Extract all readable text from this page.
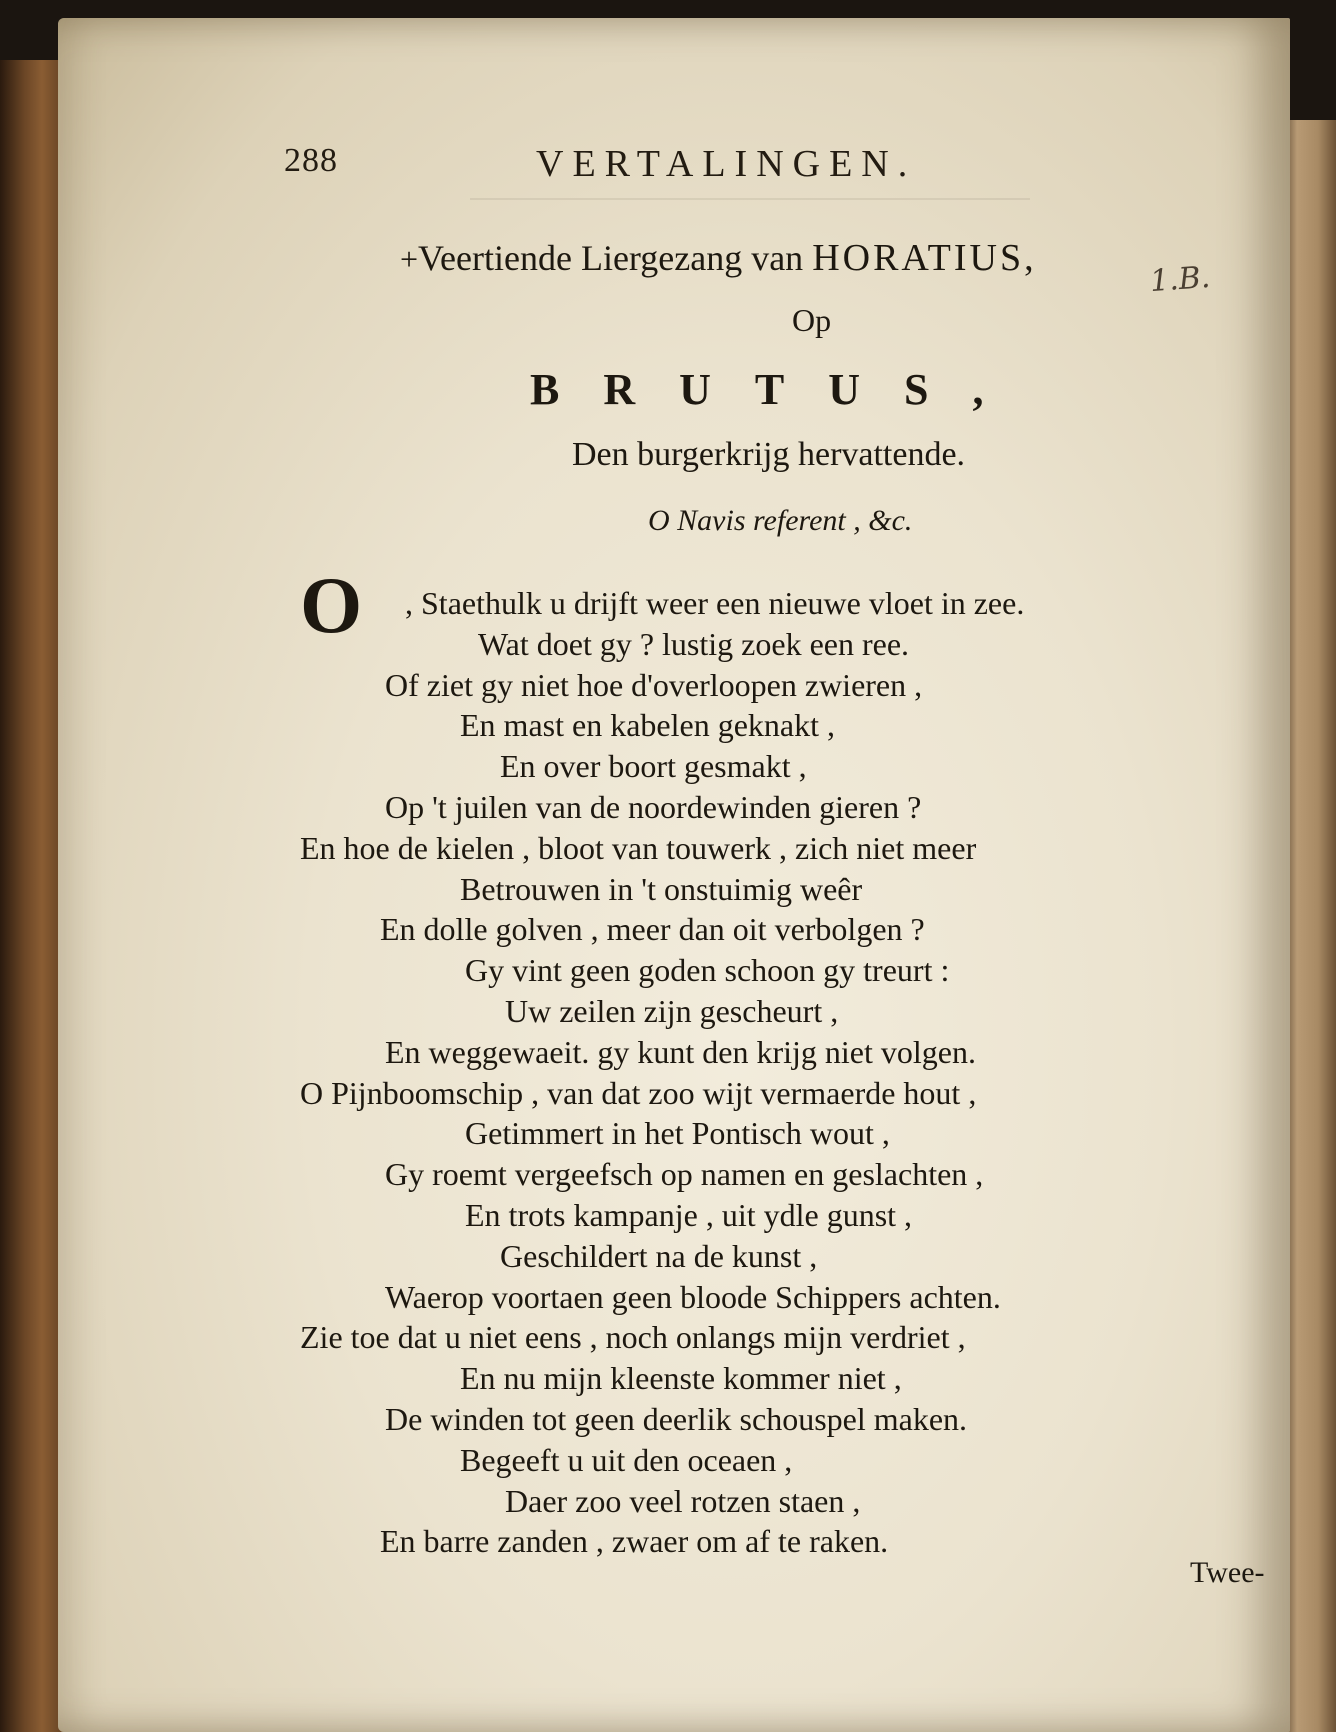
288	VERTALINGEN.
+Veertiende Liergezang van HORATIUS,
1.B.
Op
BRUTUS,
Den burgerkrijg hervattende.
O Navis referent , &c.
O , Staethulk u drijft weer een nieuwe vloet in zee.
Wat doet gy ? lustig zoek een ree.
Of ziet gy niet hoe d'overloopen zwieren ,
En mast en kabelen geknakt ,
En over boort gesmakt ,
Op 't juilen van de noordewinden gieren ?
En hoe de kielen , bloot van touwerk , zich niet meer
Betrouwen in 't onstuimig weêr
En dolle golven , meer dan oit verbolgen ?
Gy vint geen goden schoon gy treurt :
Uw zeilen zijn gescheurt ,
En weggewaeit. gy kunt den krijg niet volgen.
O Pijnboomschip , van dat zoo wijt vermaerde hout ,
Getimmert in het Pontisch wout ,
Gy roemt vergeefsch op namen en geslachten ,
En trots kampanje , uit ydle gunst ,
Geschildert na de kunst ,
Waerop voortaen geen bloode Schippers achten.
Zie toe dat u niet eens , noch onlangs mijn verdriet ,
En nu mijn kleenste kommer niet ,
De winden tot geen deerlik schouspel maken.
Begeeft u uit den oceaen ,
Daer zoo veel rotzen staen ,
En barre zanden , zwaer om af te raken.
Twee-
